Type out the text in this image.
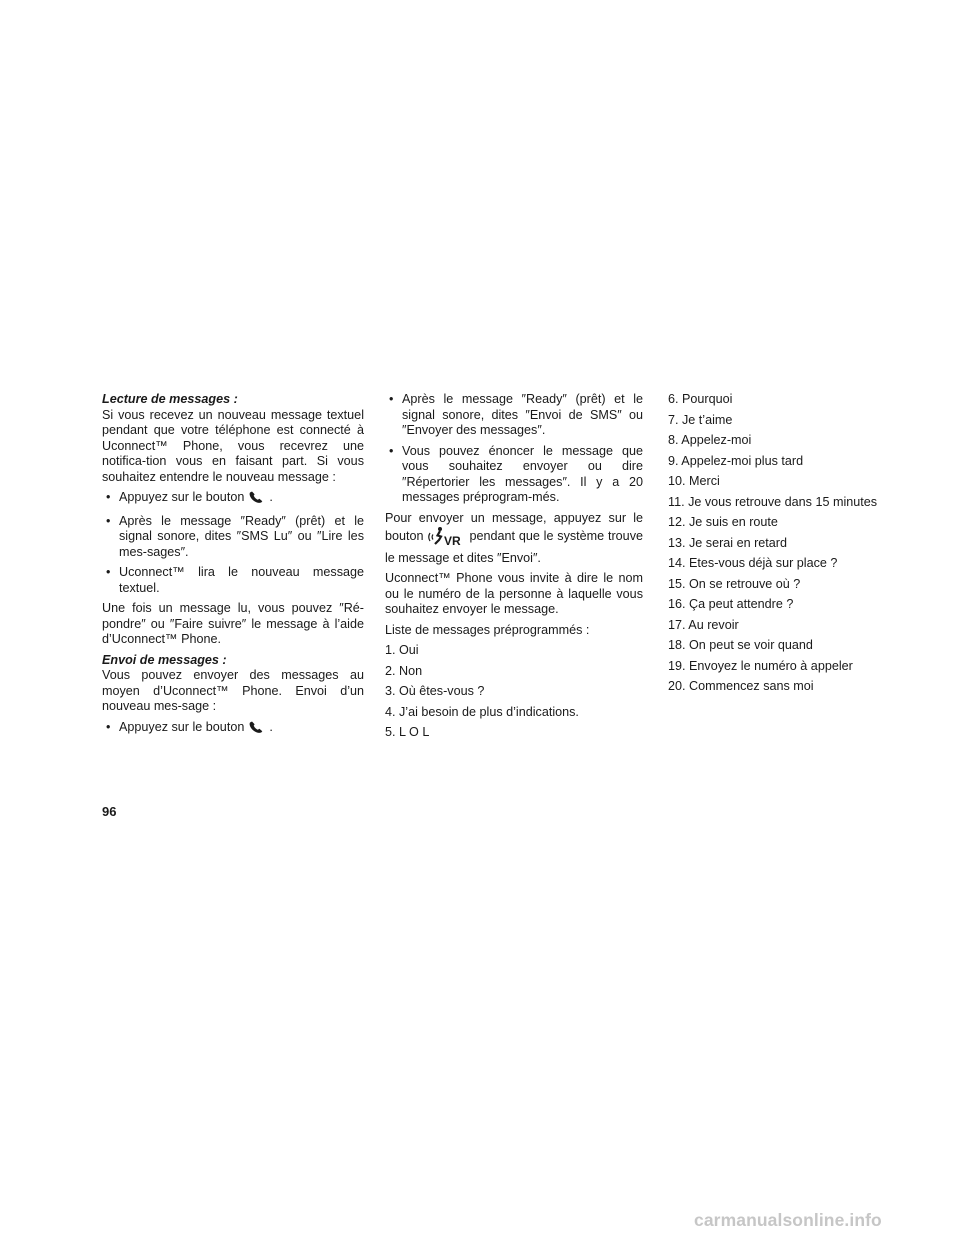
Lecture de messages :

Si vous recevez un nouveau message textuel pendant que votre téléphone est connecté à Uconnect™ Phone, vous recevrez une notifica-tion vous en faisant part. Si vous souhaitez entendre le nouveau message :

• Appuyez sur le bouton .
• Après le message ″Ready″ (prêt) et le signal sonore, dites ″SMS Lu″ ou ″Lire les mes-sages″.
• Uconnect™ lira le nouveau message textuel.

Une fois un message lu, vous pouvez ″Ré-pondre″ ou ″Faire suivre″ le message à l’aide d’Uconnect™ Phone.

Envoi de messages :

Vous pouvez envoyer des messages au moyen d’Uconnect™ Phone. Envoi d’un nouveau mes-sage :

• Appuyez sur le bouton .
• Après le message ″Ready″ (prêt) et le signal sonore, dites ″Envoi de SMS″ ou ″Envoyer des messages″.
• Vous pouvez énoncer le message que vous souhaitez envoyer ou dire ″Répertorier les messages″. Il y a 20 messages préprogram-més.

Pour envoyer un message, appuyez sur le bouton VR pendant que le système trouve le message et dites ″Envoi″.

Uconnect™ Phone vous invite à dire le nom ou le numéro de la personne à laquelle vous souhaitez envoyer le message.

Liste de messages préprogrammés :

1. Oui
2. Non
3. Où êtes-vous ?
4. J’ai besoin de plus d’indications.
5. L O L
6. Pourquoi
7. Je t’aime
8. Appelez-moi
9. Appelez-moi plus tard
10. Merci
11. Je vous retrouve dans 15 minutes
12. Je suis en route
13. Je serai en retard
14. Etes-vous déjà sur place ?
15. On se retrouve où ?
16. Ça peut attendre ?
17. Au revoir
18. On peut se voir quand
19. Envoyez le numéro à appeler
20. Commencez sans moi
96
carmanualsonline.info
